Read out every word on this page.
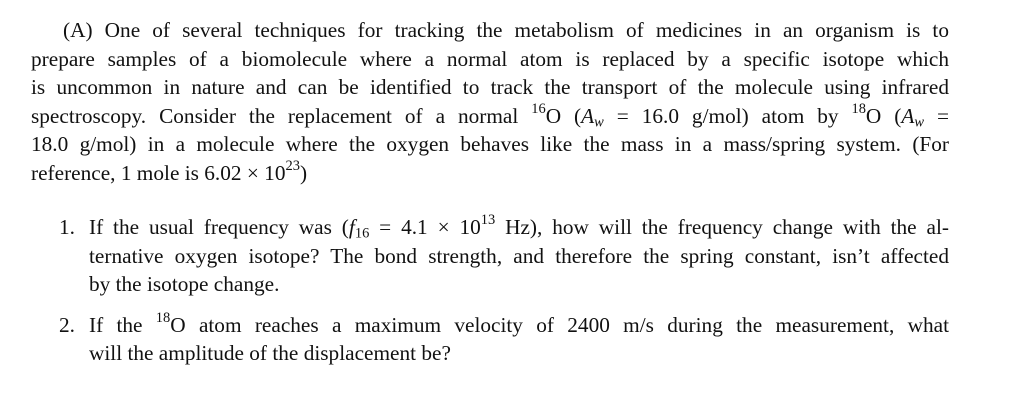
(A) One of several techniques for tracking the metabolism of medicines in an organism is to
prepare samples of a biomolecule where a normal atom is replaced by a specific isotope which
is uncommon in nature and can be identified to track the transport of the molecule using infrared
spectroscopy. Consider the replacement of a normal $^{16}$O ($A_w = 16.0$ g/mol) atom by $^{18}$O ($A_w$ =
18.0 g/mol) in a molecule where the oxygen behaves like the mass in a mass/spring system. (For
reference, 1 mole is $6.02 \times 10^{23}$)
1. If the usual frequency was ($f_{16} = 4.1 \times 10^{13}$ Hz), how will the frequency change with the al-
ternative oxygen isotope? The bond strength, and therefore the spring constant, isn’t affected
by the isotope change.
2. If the $^{18}$O atom reaches a maximum velocity of 2400 m/s during the measurement, what
will the amplitude of the displacement be?
